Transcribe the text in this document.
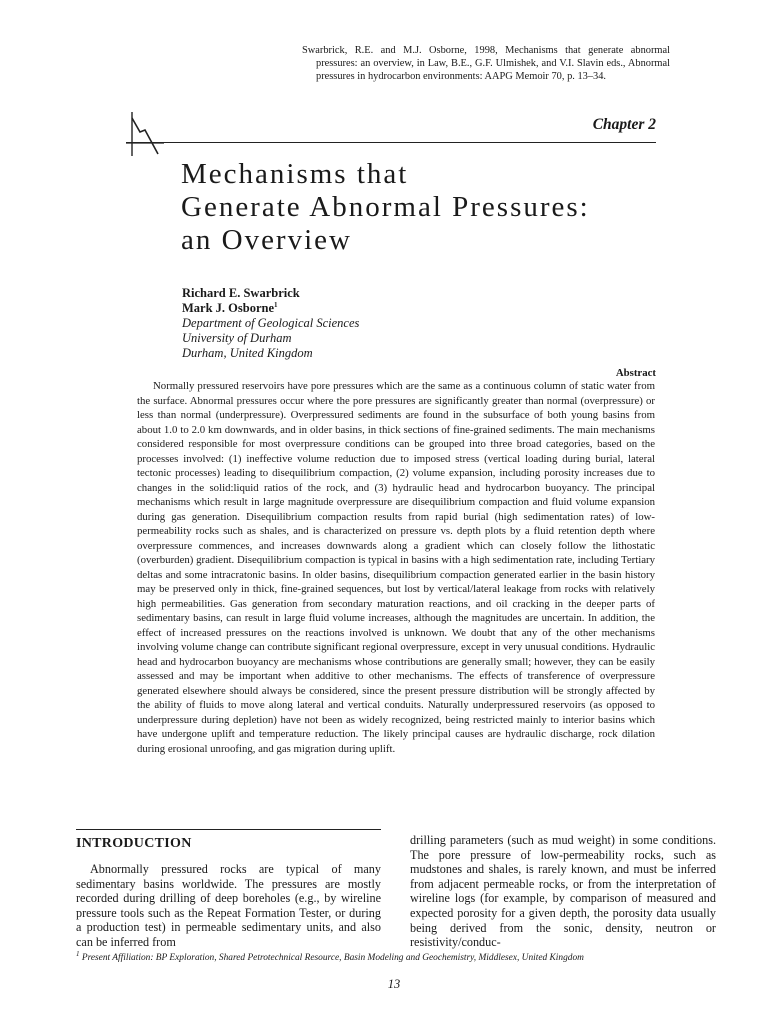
Swarbrick, R.E. and M.J. Osborne, 1998, Mechanisms that generate abnormal pressures: an overview, in Law, B.E., G.F. Ulmishek, and V.I. Slavin eds., Abnormal pressures in hydrocarbon environments: AAPG Memoir 70, p. 13–34.
Chapter 2
Mechanisms that
Generate Abnormal Pressures:
an Overview
Richard E. Swarbrick
Mark J. Osborne$^1$
Department of Geological Sciences
University of Durham
Durham, United Kingdom
Abstract

Normally pressured reservoirs have pore pressures which are the same as a continuous column of static water from the surface. Abnormal pressures occur where the pore pressures are significantly greater than normal (overpressure) or less than normal (underpressure). Overpressured sediments are found in the subsurface of both young basins from about 1.0 to 2.0 km downwards, and in older basins, in thick sections of fine-grained sediments. The main mechanisms considered responsible for most overpressure conditions can be grouped into three broad categories, based on the processes involved: (1) ineffective volume reduction due to imposed stress (vertical loading during burial, lateral tectonic processes) leading to disequilibrium compaction, (2) volume expansion, including porosity increases due to changes in the solid:liquid ratios of the rock, and (3) hydraulic head and hydrocarbon buoyancy. The principal mechanisms which result in large magnitude overpressure are disequilibrium compaction and fluid volume expansion during gas generation. Disequilibrium compaction results from rapid burial (high sedimentation rates) of low-permeability rocks such as shales, and is characterized on pressure vs. depth plots by a fluid retention depth where overpressure commences, and increases downwards along a gradient which can closely follow the lithostatic (overburden) gradient. Disequilibrium compaction is typical in basins with a high sedimentation rate, including Tertiary deltas and some intracratonic basins. In older basins, disequilibrium compaction generated earlier in the basin history may be preserved only in thick, fine-grained sequences, but lost by vertical/lateral leakage from rocks with relatively high permeabilities. Gas generation from secondary maturation reactions, and oil cracking in the deeper parts of sedimentary basins, can result in large fluid volume increases, although the magnitudes are uncertain. In addition, the effect of increased pressures on the reactions involved is unknown. We doubt that any of the other mechanisms involving volume change can contribute significant regional overpressure, except in very unusual conditions. Hydraulic head and hydrocarbon buoyancy are mechanisms whose contributions are generally small; however, they can be easily assessed and may be important when additive to other mechanisms. The effects of transference of overpressure generated elsewhere should always be considered, since the present pressure distribution will be strongly affected by the ability of fluids to move along lateral and vertical conduits. Naturally underpressured reservoirs (as opposed to underpressure during depletion) have not been as widely recognized, being restricted mainly to interior basins which have undergone uplift and temperature reduction. The likely principal causes are hydraulic discharge, rock dilation during erosional unroofing, and gas migration during uplift.

INTRODUCTION

Abnormally pressured rocks are typical of many sedimentary basins worldwide. The pressures are mostly recorded during drilling of deep boreholes (e.g., by wireline pressure tools such as the Repeat Formation Tester, or during a production test) in permeable sedimentary units, and also can be inferred from

drilling parameters (such as mud weight) in some conditions. The pore pressure of low-permeability rocks, such as mudstones and shales, is rarely known, and must be inferred from adjacent permeable rocks, or from the interpretation of wireline logs (for example, by comparison of measured and expected porosity for a given depth, the porosity data usually being derived from the sonic, density, neutron or resistivity/conduc-

$^1$ Present Affiliation: BP Exploration, Shared Petrotechnical Resource, Basin Modeling and Geochemistry, Middlesex, United Kingdom
13
